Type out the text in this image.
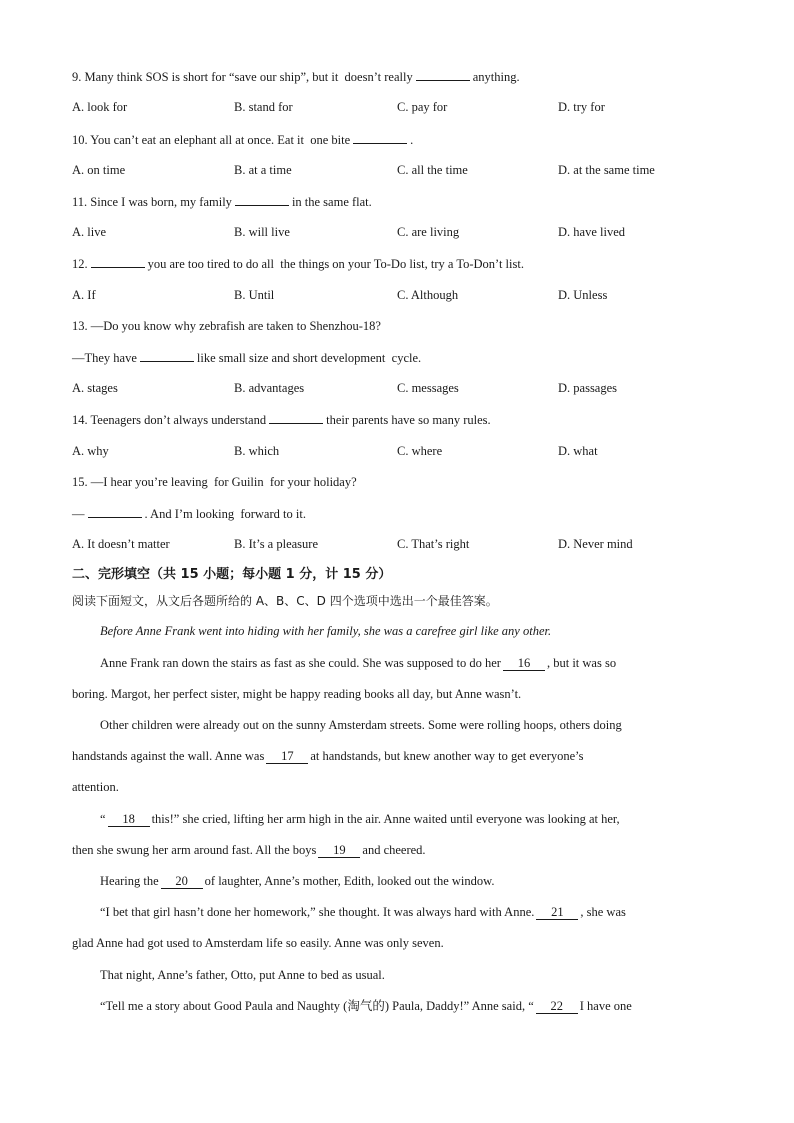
9. Many think SOS is short for “save our ship”, but it  doesn’t really	anything.
A. look for	B. stand for	C. pay for	D. try for
10. You can’t eat an elephant all at once. Eat it  one bite	.
A. on time	B. at a time	C. all the time	D. at the same time
11. Since I was born, my family	in the same flat.
A. live	B. will live	C. are living	D. have lived
12.	you are too tired to do all  the things on your To-Do list, try a To-Don’t list.
A. If	B. Until	C. Although	D. Unless
13. —Do you know why zebrafish are taken to Shenzhou-18?
—They have	like small size and short development  cycle.
A. stages	B. advantages	C. messages	D. passages
14. Teenagers don’t always understand	their parents have so many rules.
A. why	B. which	C. where	D. what
15. —I hear you’re leaving  for Guilin  for your holiday?
—	. And I’m looking  forward to it.
A. It doesn’t matter	B. It’s a pleasure	C. That’s right	D. Never mind
二、完形填空（共 15 小题；每小题 1 分，计 15 分）
阅读下面短文，从文后各题所给的 A、B、C、D 四个选项中选出一个最佳答案。
Before Anne Frank went into hiding with her family, she was a carefree girl like any other.
Anne Frank ran down the stairs as fast as she could. She was supposed to do her 16 , but it was so
boring. Margot, her perfect sister, might be happy reading books all day, but Anne wasn’t.
Other children were already out on the sunny Amsterdam streets. Some were rolling hoops, others doing
handstands against the wall. Anne was 17 at handstands, but knew another way to get everyone’s
attention.
“ 18 this!” she cried, lifting her arm high in the air. Anne waited until everyone was looking at her,
then she swung her arm around fast. All the boys 19 and cheered.
Hearing the 20 of laughter, Anne’s mother, Edith, looked out the window.
“I bet that girl hasn’t done her homework,” she thought. It was always hard with Anne. 21 , she was
glad Anne had got used to Amsterdam life so easily. Anne was only seven.
That night, Anne’s father, Otto, put Anne to bed as usual.
“Tell me a story about Good Paula and Naughty (淘气的) Paula, Daddy!” Anne said, “ 22 I have one
